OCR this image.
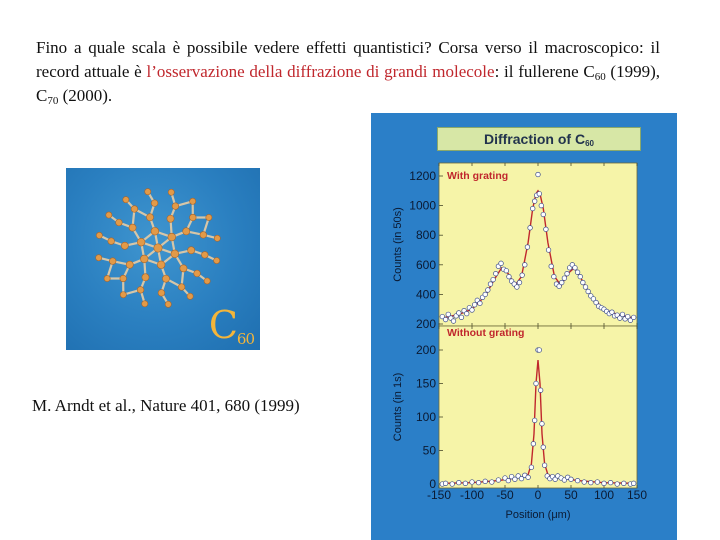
Fino a quale scala è possibile vedere effetti quantistici? Corsa verso il macroscopico: il record attuale è l’osservazione della diffrazione di grandi molecole: il fullerene $C_{60}$ (1999), $C_{70}$ (2000).
$C_{60}$
M. Arndt et al., Nature 401, 680 (1999)
Diffraction of $C_{60}$
-150 -100 -50 0 50 100 150
Position (μm)
1200
1000
800
600
400
200
Counts (in 50s)
With grating
200
150
100
50
0
Counts (in 1s)
Without grating
